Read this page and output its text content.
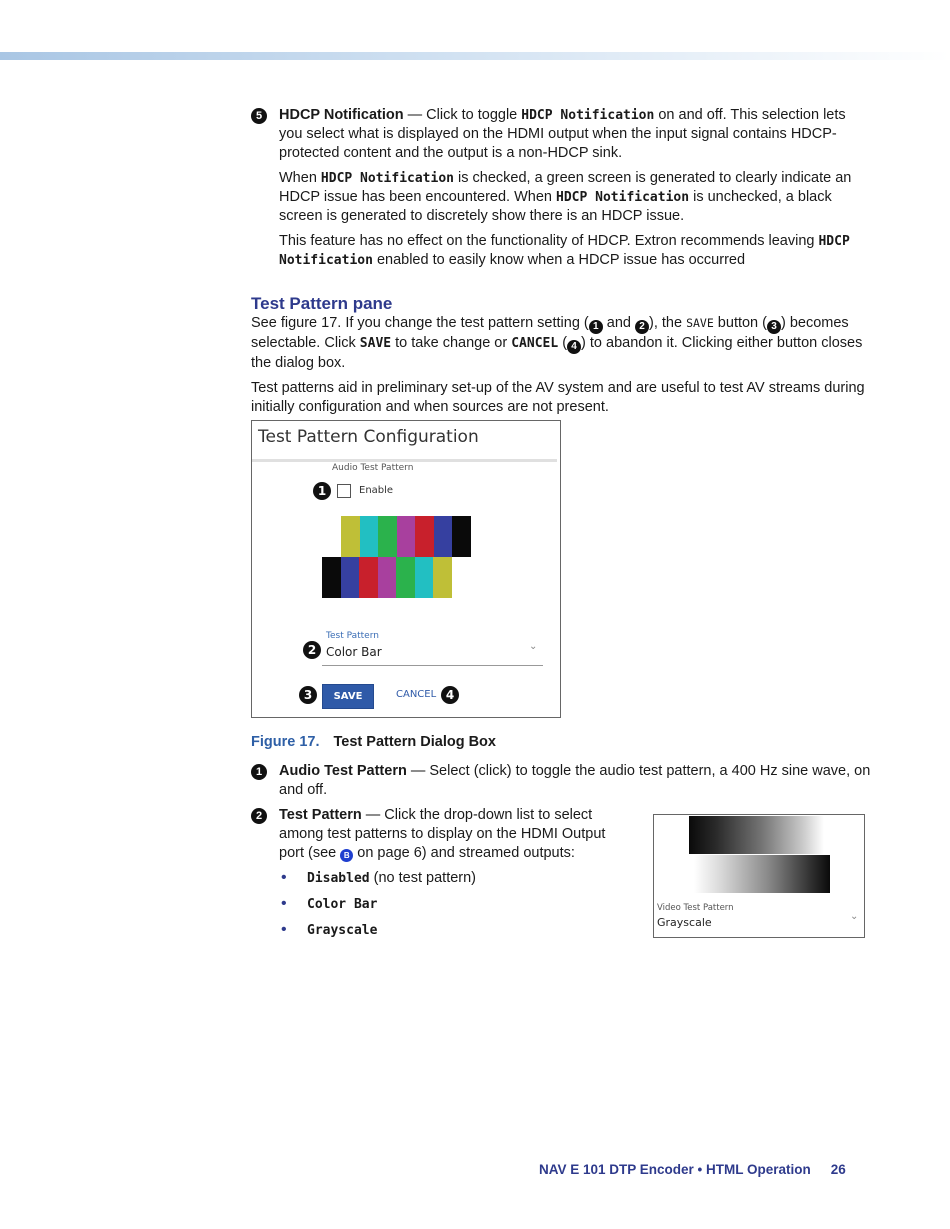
5	HDCP Notification — Click to toggle HDCP Notification on and off. This selection lets you select what is displayed on the HDMI output when the input signal contains HDCP-protected content and the output is a non-HDCP sink.

When HDCP Notification is checked, a green screen is generated to clearly indicate an HDCP issue has been encountered. When HDCP Notification is unchecked, a black screen is generated to discretely show there is an HDCP issue.

This feature has no effect on the functionality of HDCP. Extron recommends leaving HDCP Notification enabled to easily know when a HDCP issue has occurred

Test Pattern pane

See figure 17. If you change the test pattern setting ( 1 and 2 ), the SAVE button ( 3 ) becomes selectable. Click SAVE to take change or CANCEL ( 4 ) to abandon it. Clicking either button closes the dialog box.

Test patterns aid in preliminary set-up of the AV system and are useful to test AV streams during initially configuration and when sources are not present.

Test Pattern Configuration
Audio Test Pattern
1	Enable
2
Test Pattern
Color Bar	⌄
3	SAVE	CANCEL 4
Figure 17. Test Pattern Dialog Box
1	Audio Test Pattern — Select (click) to toggle the audio test pattern, a 400 Hz sine wave, on and off.
2	Test Pattern — Click the drop-down list to select among test patterns to display on the HDMI Output port (see B on page 6) and streamed outputs:
• Disabled (no test pattern)
• Color Bar
• Grayscale
Video Test Pattern
Grayscale	⌄
NAV E 101 DTP Encoder • HTML Operation 26
